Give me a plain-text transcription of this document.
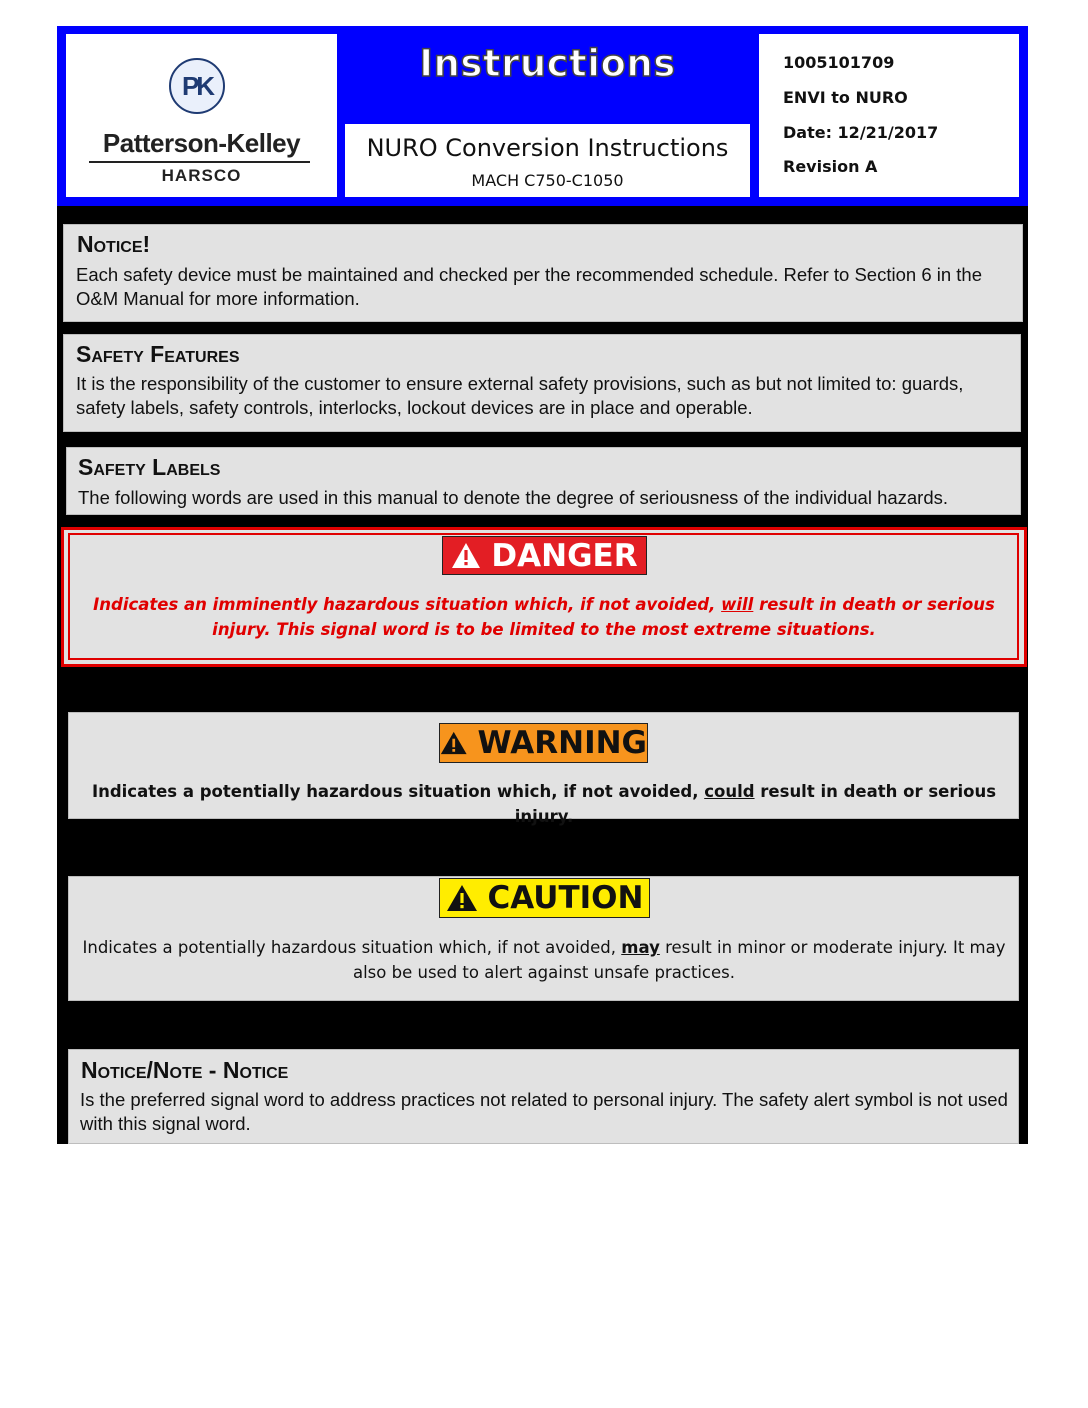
PK
Patterson-Kelley
HARSCO
Instructions
NURO Conversion Instructions
MACH C750-C1050
1005101709
ENVI to NURO
Date: 12/21/2017
Revision A
Notice!
Each safety device must be maintained and checked per the recommended schedule. Refer to Section 6 in the O&M Manual for more information.
Safety Features
It is the responsibility of the customer to ensure external safety provisions, such as but not limited to: guards, safety labels, safety controls, interlocks, lockout devices are in place and operable.
Safety Labels
The following words are used in this manual to denote the degree of seriousness of the individual hazards.
DANGER
Indicates an imminently hazardous situation which, if not avoided, will result in death or serious injury. This signal word is to be limited to the most extreme situations.
WARNING
Indicates a potentially hazardous situation which, if not avoided, could result in death or serious injury.
CAUTION
Indicates a potentially hazardous situation which, if not avoided, may result in minor or moderate injury. It may also be used to alert against unsafe practices.
Notice/Note - Notice
Is the preferred signal word to address practices not related to personal injury. The safety alert symbol is not used with this signal word.
